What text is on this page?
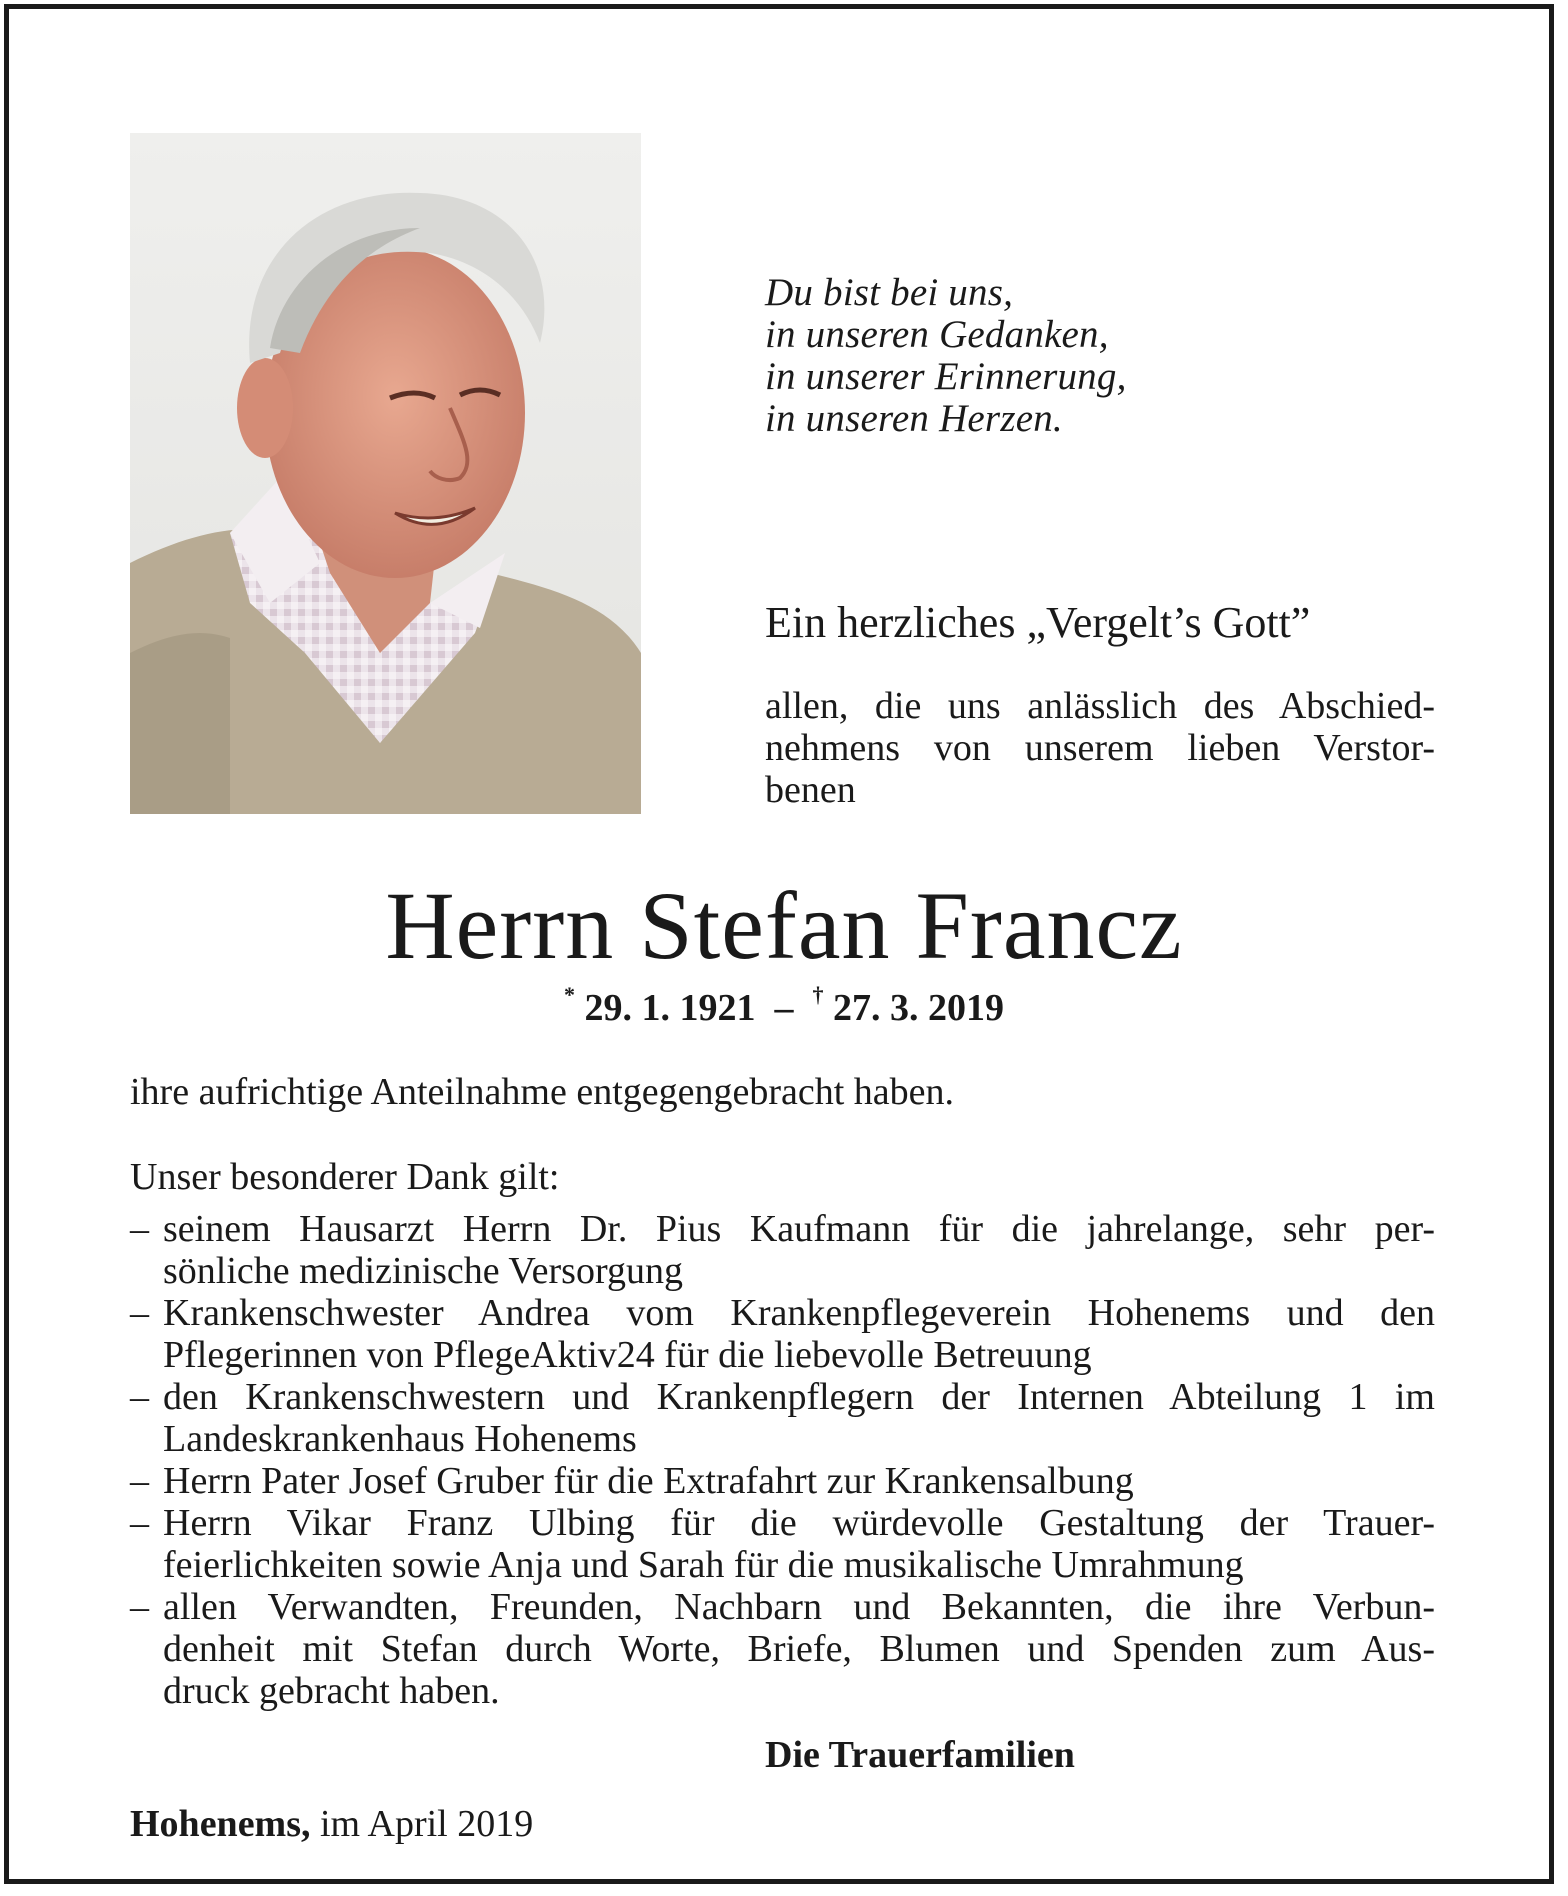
Du bist bei uns,
in unseren Gedanken,
in unserer Erinnerung,
in unseren Herzen.
Ein herzliches „Vergelt’s Gott”
allen, die uns anlässlich des Abschied-
nehmens von unserem lieben Verstor-
benen
Herrn Stefan Francz
* 29. 1. 1921 – † 27. 3. 2019
ihre aufrichtige Anteilnahme entgegengebracht haben.
Unser besonderer Dank gilt:
– seinem Hausarzt Herrn Dr. Pius Kaufmann für die jahrelange, sehr per-
sönliche medizinische Versorgung
– Krankenschwester Andrea vom Krankenpflegeverein Hohenems und den
Pflegerinnen von PflegeAktiv24 für die liebevolle Betreuung
– den Krankenschwestern und Krankenpflegern der Internen Abteilung 1 im
Landeskrankenhaus Hohenems
– Herrn Pater Josef Gruber für die Extrafahrt zur Krankensalbung
– Herrn Vikar Franz Ulbing für die würdevolle Gestaltung der Trauer-
feierlichkeiten sowie Anja und Sarah für die musikalische Umrahmung
– allen Verwandten, Freunden, Nachbarn und Bekannten, die ihre Verbun-
denheit mit Stefan durch Worte, Briefe, Blumen und Spenden zum Aus-
druck gebracht haben.
Die Trauerfamilien
Hohenems, im April 2019
